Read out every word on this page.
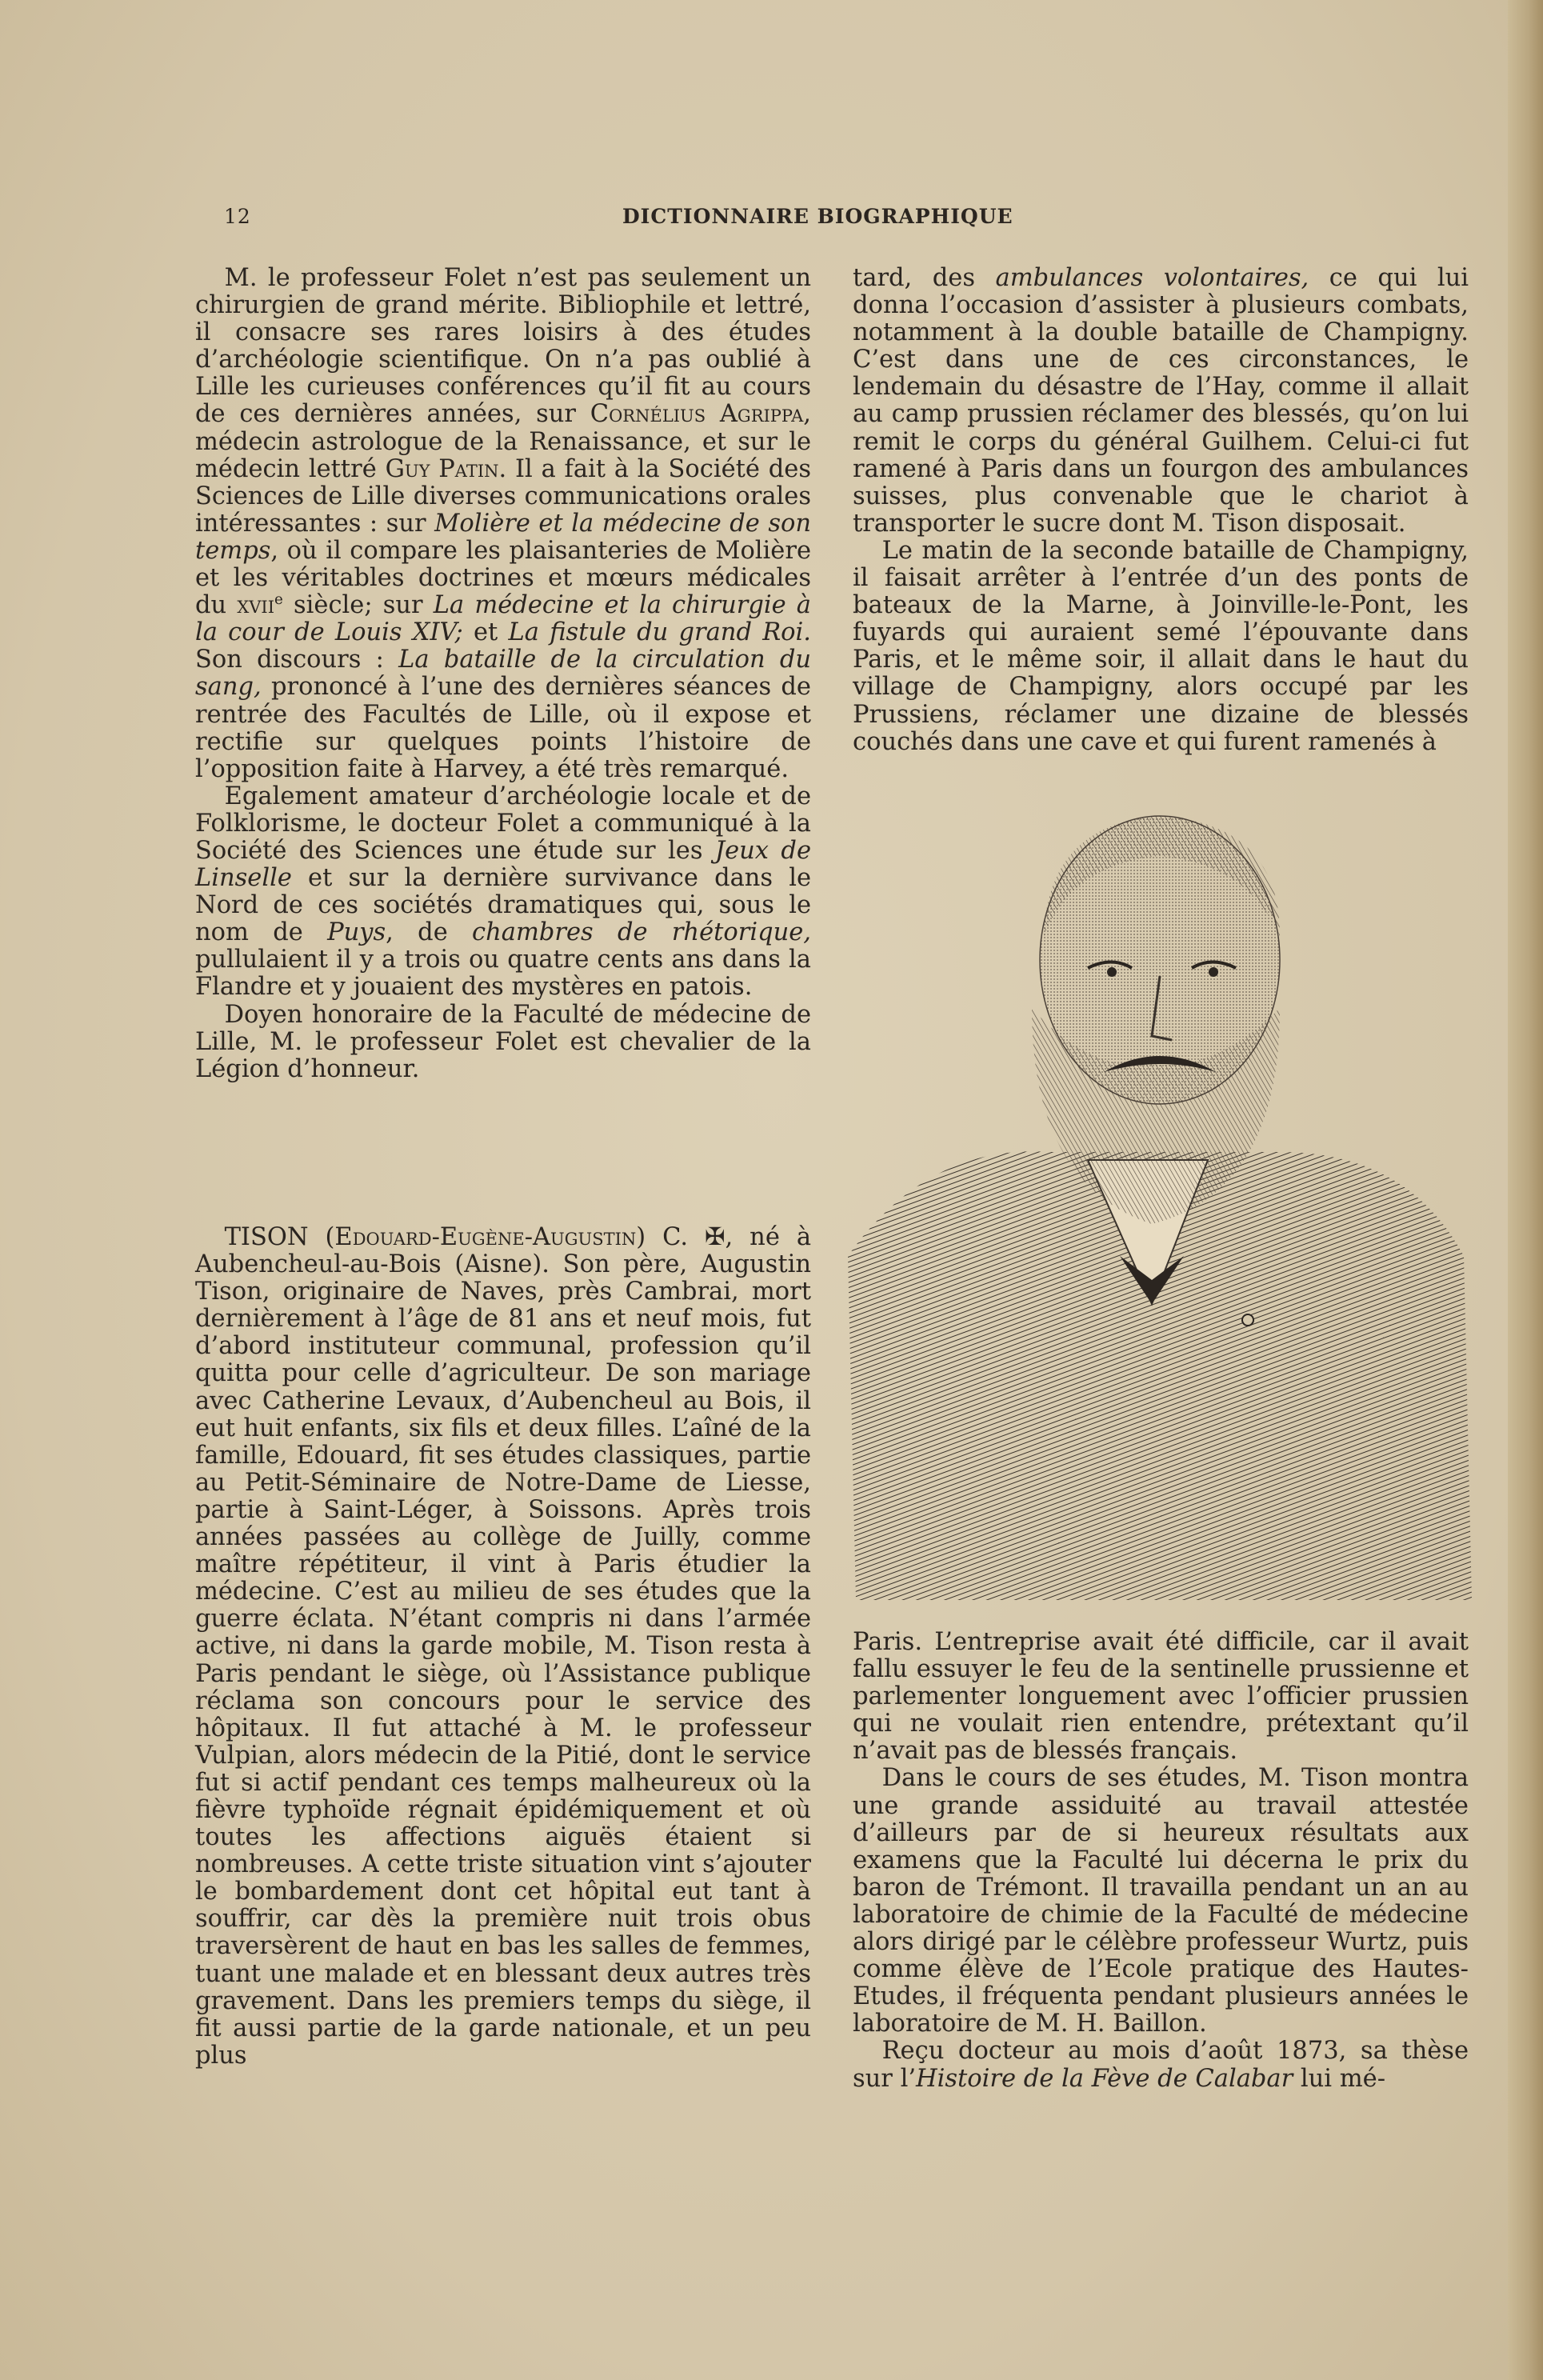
12	DICTIONNAIRE BIOGRAPHIQUE

M. le professeur Folet n’est pas seulement un chirurgien de grand mérite. Bibliophile et lettré, il consacre ses rares loisirs à des études d’archéologie scientifique. On n’a pas oublié à Lille les curieuses conférences qu’il fit au cours de ces dernières années, sur Cornélius Agrippa, médecin astrologue de la Renaissance, et sur le médecin lettré Guy Patin. Il a fait à la Société des Sciences de Lille diverses communications orales intéressantes : sur Molière et la médecine de son temps, où il compare les plaisanteries de Molière et les véritables doctrines et mœurs médicales du xvii$^e$ siècle; sur La médecine et la chirurgie à la cour de Louis XIV; et La fistule du grand Roi. Son discours : La bataille de la circulation du sang, prononcé à l’une des dernières séances de rentrée des Facultés de Lille, où il expose et rectifie sur quelques points l’histoire de l’opposition faite à Harvey, a été très remarqué.

Egalement amateur d’archéologie locale et de Folklorisme, le docteur Folet a communiqué à la Société des Sciences une étude sur les Jeux de Linselle et sur la dernière survivance dans le Nord de ces sociétés dramatiques qui, sous le nom de Puys, de chambres de rhétorique, pullulaient il y a trois ou quatre cents ans dans la Flandre et y jouaient des mystères en patois.

Doyen honoraire de la Faculté de médecine de Lille, M. le professeur Folet est chevalier de la Légion d’honneur.

TISON (Edouard-Eugène-Augustin) C. ✠, né à Aubencheul-au-Bois (Aisne). Son père, Augustin Tison, originaire de Naves, près Cambrai, mort dernièrement à l’âge de 81 ans et neuf mois, fut d’abord instituteur communal, profession qu’il quitta pour celle d’agriculteur. De son mariage avec Catherine Levaux, d’Aubencheul au Bois, il eut huit enfants, six fils et deux filles. L’aîné de la famille, Edouard, fit ses études classiques, partie au Petit-Séminaire de Notre-Dame de Liesse, partie à Saint-Léger, à Soissons. Après trois années passées au collège de Juilly, comme maître répétiteur, il vint à Paris étudier la médecine. C’est au milieu de ses études que la guerre éclata. N’étant compris ni dans l’armée active, ni dans la garde mobile, M. Tison resta à Paris pendant le siège, où l’Assistance publique réclama son concours pour le service des hôpitaux. Il fut attaché à M. le professeur Vulpian, alors médecin de la Pitié, dont le service fut si actif pendant ces temps malheureux où la fièvre typhoïde régnait épidémiquement et où toutes les affections aiguës étaient si nombreuses. A cette triste situation vint s’ajouter le bombardement dont cet hôpital eut tant à souffrir, car dès la première nuit trois obus traversèrent de haut en bas les salles de femmes, tuant une malade et en blessant deux autres très gravement. Dans les premiers temps du siège, il fit aussi partie de la garde nationale, et un peu plus

tard, des ambulances volontaires, ce qui lui donna l’occasion d’assister à plusieurs combats, notamment à la double bataille de Champigny. C’est dans une de ces circonstances, le lendemain du désastre de l’Hay, comme il allait au camp prussien réclamer des blessés, qu’on lui remit le corps du général Guilhem. Celui-ci fut ramené à Paris dans un fourgon des ambulances suisses, plus convenable que le chariot à transporter le sucre dont M. Tison disposait.

Le matin de la seconde bataille de Champigny, il faisait arrêter à l’entrée d’un des ponts de bateaux de la Marne, à Joinville-le-Pont, les fuyards qui auraient semé l’épouvante dans Paris, et le même soir, il allait dans le haut du village de Champigny, alors occupé par les Prussiens, réclamer une dizaine de blessés couchés dans une cave et qui furent ramenés à

Paris. L’entreprise avait été difficile, car il avait fallu essuyer le feu de la sentinelle prussienne et parlementer longuement avec l’officier prussien qui ne voulait rien entendre, prétextant qu’il n’avait pas de blessés français.

Dans le cours de ses études, M. Tison montra une grande assiduité au travail attestée d’ailleurs par de si heureux résultats aux examens que la Faculté lui décerna le prix du baron de Trémont. Il travailla pendant un an au laboratoire de chimie de la Faculté de médecine alors dirigé par le célèbre professeur Wurtz, puis comme élève de l’Ecole pratique des Hautes-Etudes, il fréquenta pendant plusieurs années le laboratoire de M. H. Baillon.

Reçu docteur au mois d’août 1873, sa thèse sur l’Histoire de la Fève de Calabar lui mé-
